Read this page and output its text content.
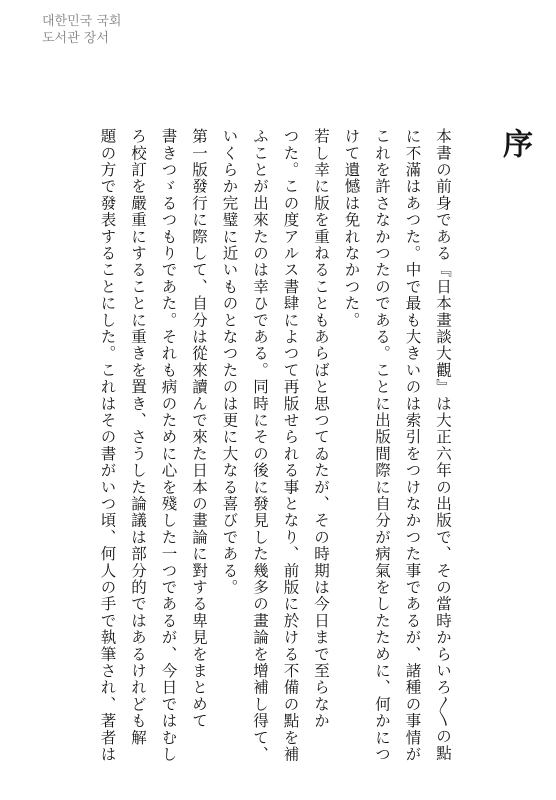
대한민국 국회
도서관 장서
序
本書の前身である『日本畫談大觀』は大正六年の出版で、その當時からいろ〳〵の點
に不滿はあつた。中で最も大きいのは索引をつけなかつた事であるが、諸種の事情が
これを許さなかつたのである。ことに出版間際に自分が病氣をしたために、何かにつ
けて遺憾は免れなかつた。
若し幸に版を重ねることもあらばと思つてゐたが、その時期は今日まで至らなか
つた。この度アルス書肆によつて再版せられる事となり、前版に於ける不備の點を補
ふことが出來たのは幸ひである。同時にその後に發見した幾多の畫論を增補し得て、
いくらか完璧に近いものとなつたのは更に大なる喜びである。
第一版發行に際して、自分は從來讀んで來た日本の畫論に對する卑見をまとめて
書きつゞるつもりであた。それも病のために心を殘した一つであるが、今日ではむし
ろ校訂を嚴重にすることに重きを置き、さうした論議は部分的ではあるけれども解
題の方で發表することにした。これはその書がいつ頃、何人の手で執筆され、著者は
